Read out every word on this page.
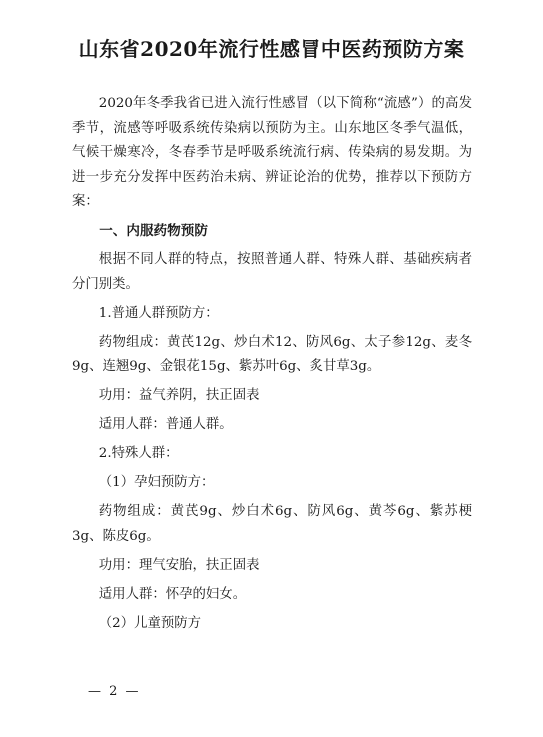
山东省2020年流行性感冒中医药预防方案

2020年冬季我省已进入流行性感冒（以下简称“流感”）的高发季节，流感等呼吸系统传染病以预防为主。山东地区冬季气温低，气候干燥寒冷，冬春季节是呼吸系统流行病、传染病的易发期。为进一步充分发挥中医药治未病、辨证论治的优势，推荐以下预防方案：

一、内服药物预防

根据不同人群的特点，按照普通人群、特殊人群、基础疾病者分门别类。

1.普通人群预防方：

药物组成：黄芪12g、炒白术12、防风6g、太子参12g、麦冬9g、连翘9g、金银花15g、紫苏叶6g、炙甘草3g。

功用：益气养阴，扶正固表

适用人群：普通人群。

2.特殊人群：

（1）孕妇预防方：

药物组成：黄芪9g、炒白术6g、防风6g、黄芩6g、紫苏梗3g、陈皮6g。

功用：理气安胎，扶正固表

适用人群：怀孕的妇女。

（2）儿童预防方

— 2 —
